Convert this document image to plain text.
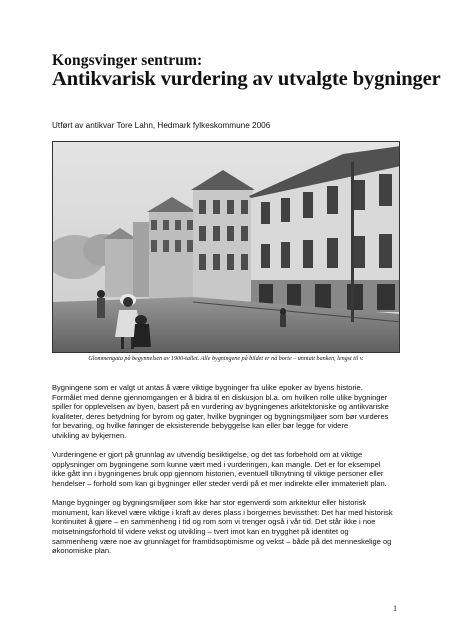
Kongsvinger sentrum:
Antikvarisk vurdering av utvalgte bygninger
Utført av antikvar Tore Lahn, Hedmark fylkeskommune 2006
Glommengata på begynnelsen av 1900-tallet. Alle bygningene på bildet er nå borte – unntatt banken, lengst til v.

Bygningene som er valgt ut antas å være viktige bygninger fra ulike epoker av byens historie.
Formålet med denne gjennomgangen er å bidra til en diskusjon bl.a. om hvilken rolle ulike bygninger
spiller for opplevelsen av byen, basert på en vurdering av bygningenes arkitektoniske og antikvariske
kvaliteter, deres betydning for byrom og gater, hvilke bygninger og bygningsmiljøer som bør vurderes
for bevaring, og hvilke føringer de eksisterende bebyggelse kan eller bør legge for videre
utvikling av bykjernen.

Vurderingene er gjort på grunnlag av utvendig besiktigelse, og det tas forbehold om at viktige
opplysninger om bygningene som kunne vært med i vurderingen, kan mangle. Det er for eksempel
ikke gått inn i bygningenes bruk opp gjennom historien, eventuell tilknytning til viktige personer eller
hendelser – forhold som kan gi bygninger eller steder verdi på et mer indirekte eller immaterielt plan.

Mange bygninger og bygningsmiljøer som ikke har stor egenverdi som arkitektur eller historisk
monument, kan likevel være viktige i kraft av deres plass i borgernes bevissthet: Det har med historisk
kontinuitet å gjøre – en sammenheng i tid og rom som vi trenger også i vår tid. Det står ikke i noe
motsetningsforhold til videre vekst og utvikling – tvert imot kan en trygghet på identitet og
sammenheng være noe av grunnlaget for framtidsoptimisme og vekst – både på det menneskelige og
økonomiske plan.

1
